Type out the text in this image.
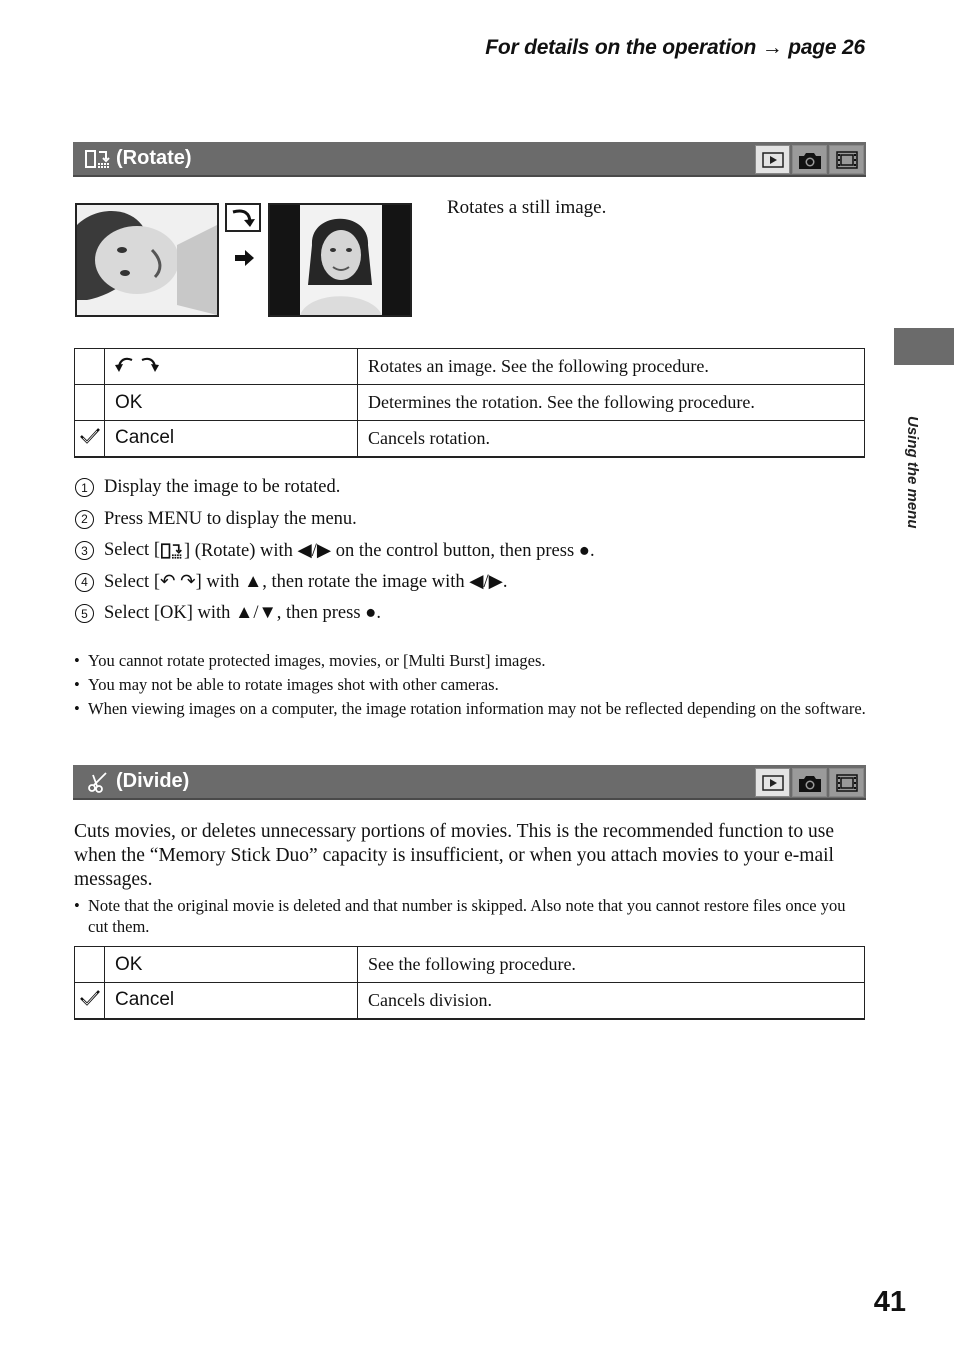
For details on the operation → page 26
(Rotate)
Rotates a still image.
		Rotates an image. See the following procedure.
	OK	Determines the rotation. See the following procedure.
	Cancel	Cancels rotation.
1 Display the image to be rotated.
2 Press MENU to display the menu.
3 Select [ ] (Rotate) with ◀/▶ on the control button, then press ●.
4 Select [ ↶ ↷ ] with ▲, then rotate the image with ◀/▶.
5 Select [OK] with ▲/▼, then press ●.
• You cannot rotate protected images, movies, or [Multi Burst] images.
• You may not be able to rotate images shot with other cameras.
• When viewing images on a computer, the image rotation information may not be reflected depending on the software.
(Divide)
Cuts movies, or deletes unnecessary portions of movies. This is the recommended function to use when the “Memory Stick Duo” capacity is insufficient, or when you attach movies to your e-mail messages.
• Note that the original movie is deleted and that number is skipped. Also note that you cannot restore files once you cut them.
	OK	See the following procedure.
	Cancel	Cancels division.
Using the menu
41
